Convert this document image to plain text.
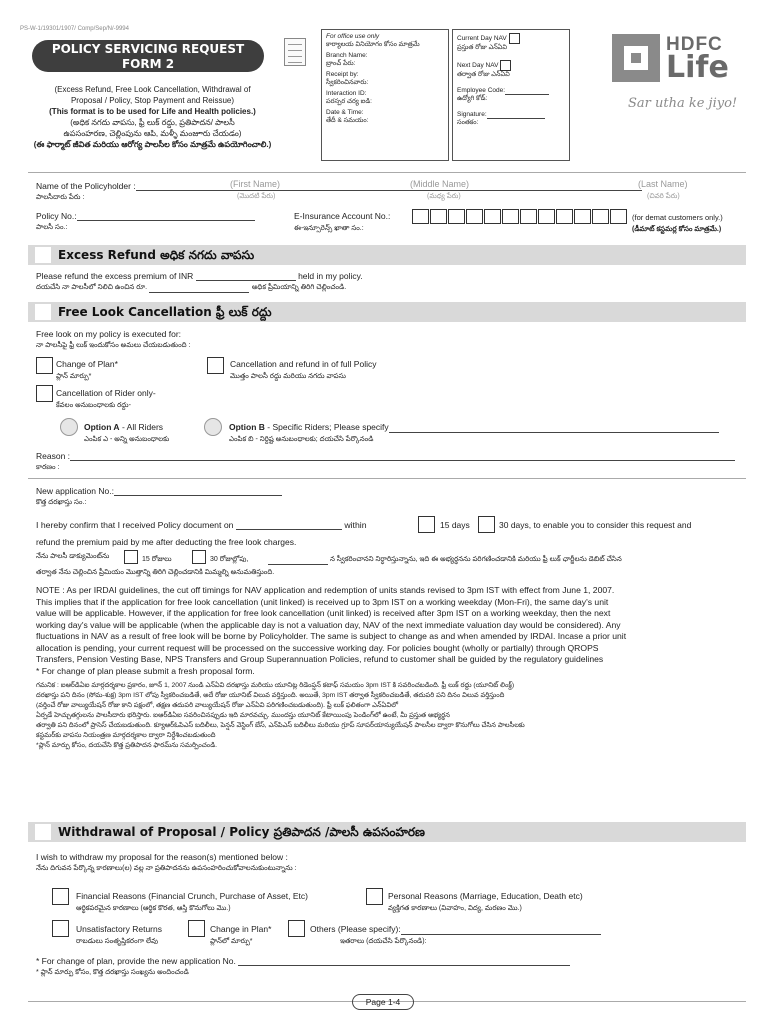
PS-W-1/19301/1907/ Comp/Sep/N/-9994
POLICY SERVICING REQUEST FORM 2
పాలసీ సర్వీసింగ్ అభ్యర్థన ఫారమ్ 2
(Excess Refund, Free Look Cancellation, Withdrawal of
Proposal / Policy, Stop Payment and Reissue)
(This format is to be used for Life and Health policies.)
(అధిక నగదు వాపసు, ఫ్రీ లుక్ రద్దు, ప్రతిపాదన/ పాలసీ
ఉపసంహరణ, చెల్లింపును ఆపి, మళ్ళీ మంజూరు చేయడం)
(ఈ ఫార్మాట్ జీవిత మరియు ఆరోగ్య పాలసీల కోసం మాత్రమే ఉపయోగించాలి.)
For office use only
కార్యాలయ వినియోగం కోసం మాత్రమే
Branch Name:
బ్రాంచ్ పేరు:
Receipt by:
స్వీకరించినవారు:
Interaction ID:
పరస్పర చర్య ఐడి:
Date & Time:
తేదీ & సమయం:
Current Day NAV
ప్రస్తుత రోజు ఎన్ఏవి
Next Day NAV
తర్వాత రోజు ఎన్ఏవి
Employee Code:
ఉద్యోగి కోడ్:
Signature:
సంతకం:
HDFC
Life
Sar utha ke jiyo!
Name of the Policyholder :
పాలసీదారు పేరు :
(First Name)
(మొదటి పేరు)
(Middle Name)
(మధ్య పేరు)
(Last Name)
(చివరి పేరు)
Policy No.:
పాలసీ సం.:
E-Insurance Account No.:
ఈ-ఇన్సూరెన్స్ ఖాతా సం.:
(for demat customers only.)
(డీమాట్ కస్టమర్ల కోసం మాత్రమే.)
Excess Refund అధిక నగదు వాపసు
Please refund the excess premium of INR	held in my policy.
దయచేసి నా పాలసీలో నిలిచి ఉంచిన రూ.	అధిక ప్రీమియాన్ని తిరిగి చెల్లించండి.
Free Look Cancellation ఫ్రీ లుక్ రద్దు
Free look on my policy is executed for:
నా పాలసీపై ఫ్రీ లుక్ ఇందుకోసం అమలు చేయబడుతుంది :
Change of Plan*
ప్లాన్ మార్పు*
Cancellation and refund in of full Policy
మొత్తం పాలసీ రద్దు మరియు నగదు వాపసు
Cancellation of Rider only-
కేవలం అనుబంధాలకు రద్దు-
Option A - All Riders
ఎంపిక ఎ - అన్ని అనుబంధాలకు
Option B - Specific Riders; Please specify
ఎంపిక బి - నిర్దిష్ట అనుబంధాలకు; దయచేసి పేర్కొనండి
Reason :
కారణం :
New application No.:
కొత్త దరఖాస్తు సం.:
I hereby confirm that I received Policy document on	within	15 days	30 days, to enable you to consider this request and
refund the premium paid by me after deducting the free look charges.
నేను పాలసీ డాక్యుమెంట్‌ను	15 రోజులు	30 రోజుల్లోపు,	న స్వీకరించానని నిర్ధారిస్తున్నాను, ఇది ఈ అభ్యర్థనను పరిగణించడానికి మరియు ఫ్రీ లుక్ ఛార్జీలను డెబిట్ చేసిన
తర్వాత నేను చెల్లించిన ప్రీమియం మొత్తాన్ని తిరిగి చెల్లించడానికి మిమ్మల్ని అనుమతిస్తుంది.
NOTE : As per IRDAI guidelines, the cut off timings for NAV application and redemption of units stands revised to 3pm IST with effect from June 1, 2007.
This implies that if the application for free look cancellation (unit linked) is received up to 3pm IST on a working weekday (Mon-Fri), the same day's unit
value will be applicable. However, if the application for free look cancellation (unit linked) is received after 3pm IST on a working weekday, then the next
working day's value will be applicable (when the applicable day is not a valuation day, NAV of the next immediate valuation day would be considered). Any
fluctuations in NAV as a result of free look will be borne by Policyholder. The same is subject to change as and when amended by IRDAI. Incase a prior unit
allocation is pending, your current request will be processed on the successive working day. For policies bought (wholly or partially) through QROPS
Transfers, Pension Vesting Base, NPS Transfers and Group Superannuation Policies, refund to customer shall be guided by the regulatory guidelines
* For change of plan please submit a fresh proposal form.
గమనిక : ఐఆర్‌డిఏఐ మార్గదర్శకాల ప్రకారం, జూన్ 1, 2007 నుండి ఎన్ఏవి దరఖాస్తు మరియు యూనిట్ల రిడెంప్షన్ కటాఫ్ సమయం 3pm IST కి సవరించబడింది. ఫ్రీ లుక్ రద్దు (యూనిట్ లింక్డ్)
దరఖాస్తు పని దినం (సోమ-శుక్ర) 3pm IST లోపు స్వీకరించబడితే, అదే రోజు యూనిట్ విలువ వర్తిస్తుంది. అయితే, 3pm IST తర్వాత స్వీకరించబడితే, తదుపరి పని దినం విలువ వర్తిస్తుంది
(వర్తించే రోజు వాల్యుయేషన్ రోజు కాని పక్షంలో, తక్షణ తదుపరి వాల్యుయేషన్ రోజు ఎన్ఏవి పరిగణించబడుతుంది). ఫ్రీ లుక్ ఫలితంగా ఎన్ఏవిలో
ఏర్పడే హెచ్చుతగ్గులను పాలసీదారు భరిస్తారు. ఐఆర్‌డిఏఐ సవరించినప్పుడు ఇది మారవచ్చు. ముందస్తు యూనిట్ కేటాయింపు పెండింగ్‌లో ఉంటే, మీ ప్రస్తుత అభ్యర్థన
తర్వాతి పని దినంలో ప్రాసెస్ చేయబడుతుంది. క్యూఆర్ఓపిఎస్ బదిలీలు, పెన్షన్ వెస్టింగ్ బేస్, ఎన్‌పిఎస్ బదిలీలు మరియు గ్రూప్ సూపర్‌యాన్యుయేషన్ పాలసీల ద్వారా కొనుగోలు చేసిన పాలసీలకు
కస్టమర్‌కు వాపసు నియంత్రణ మార్గదర్శకాల ద్వారా నిర్దేశించబడుతుంది
*ప్లాన్ మార్పు కోసం, దయచేసి కొత్త ప్రతిపాదన ఫారమ్‌ను సమర్పించండి.
Withdrawal of Proposal / Policy ప్రతిపాదన /పాలసీ ఉపసంహరణ
I wish to withdraw my proposal for the reason(s) mentioned below :
నేను దిగువన పేర్కొన్న కారణాలు(ల) వల్ల నా ప్రతిపాదనను ఉపసంహరించుకోవాలనుకుంటున్నాను :
Financial Reasons (Financial Crunch, Purchase of Asset, Etc)
ఆర్థికపరమైన కారణాలు (ఆర్థిక కొరత, ఆస్తి కొనుగోలు మొ.)
Personal Reasons (Marriage, Education, Death etc)
వ్యక్తిగత కారణాలు (వివాహం, విద్య, మరణం మొ.)
Unsatisfactory Returns
రాబడులు సంతృప్తికరంగా లేవు
Change in Plan*
ప్లాన్‌లో మార్పు*
Others (Please specify):
ఇతరాలు (దయచేసి పేర్కొనండి):
* For change of plan, provide the new application No.
* ప్లాన్ మార్పు కోసం, కొత్త దరఖాస్తు సంఖ్యను అందించండి
Page 1-4
